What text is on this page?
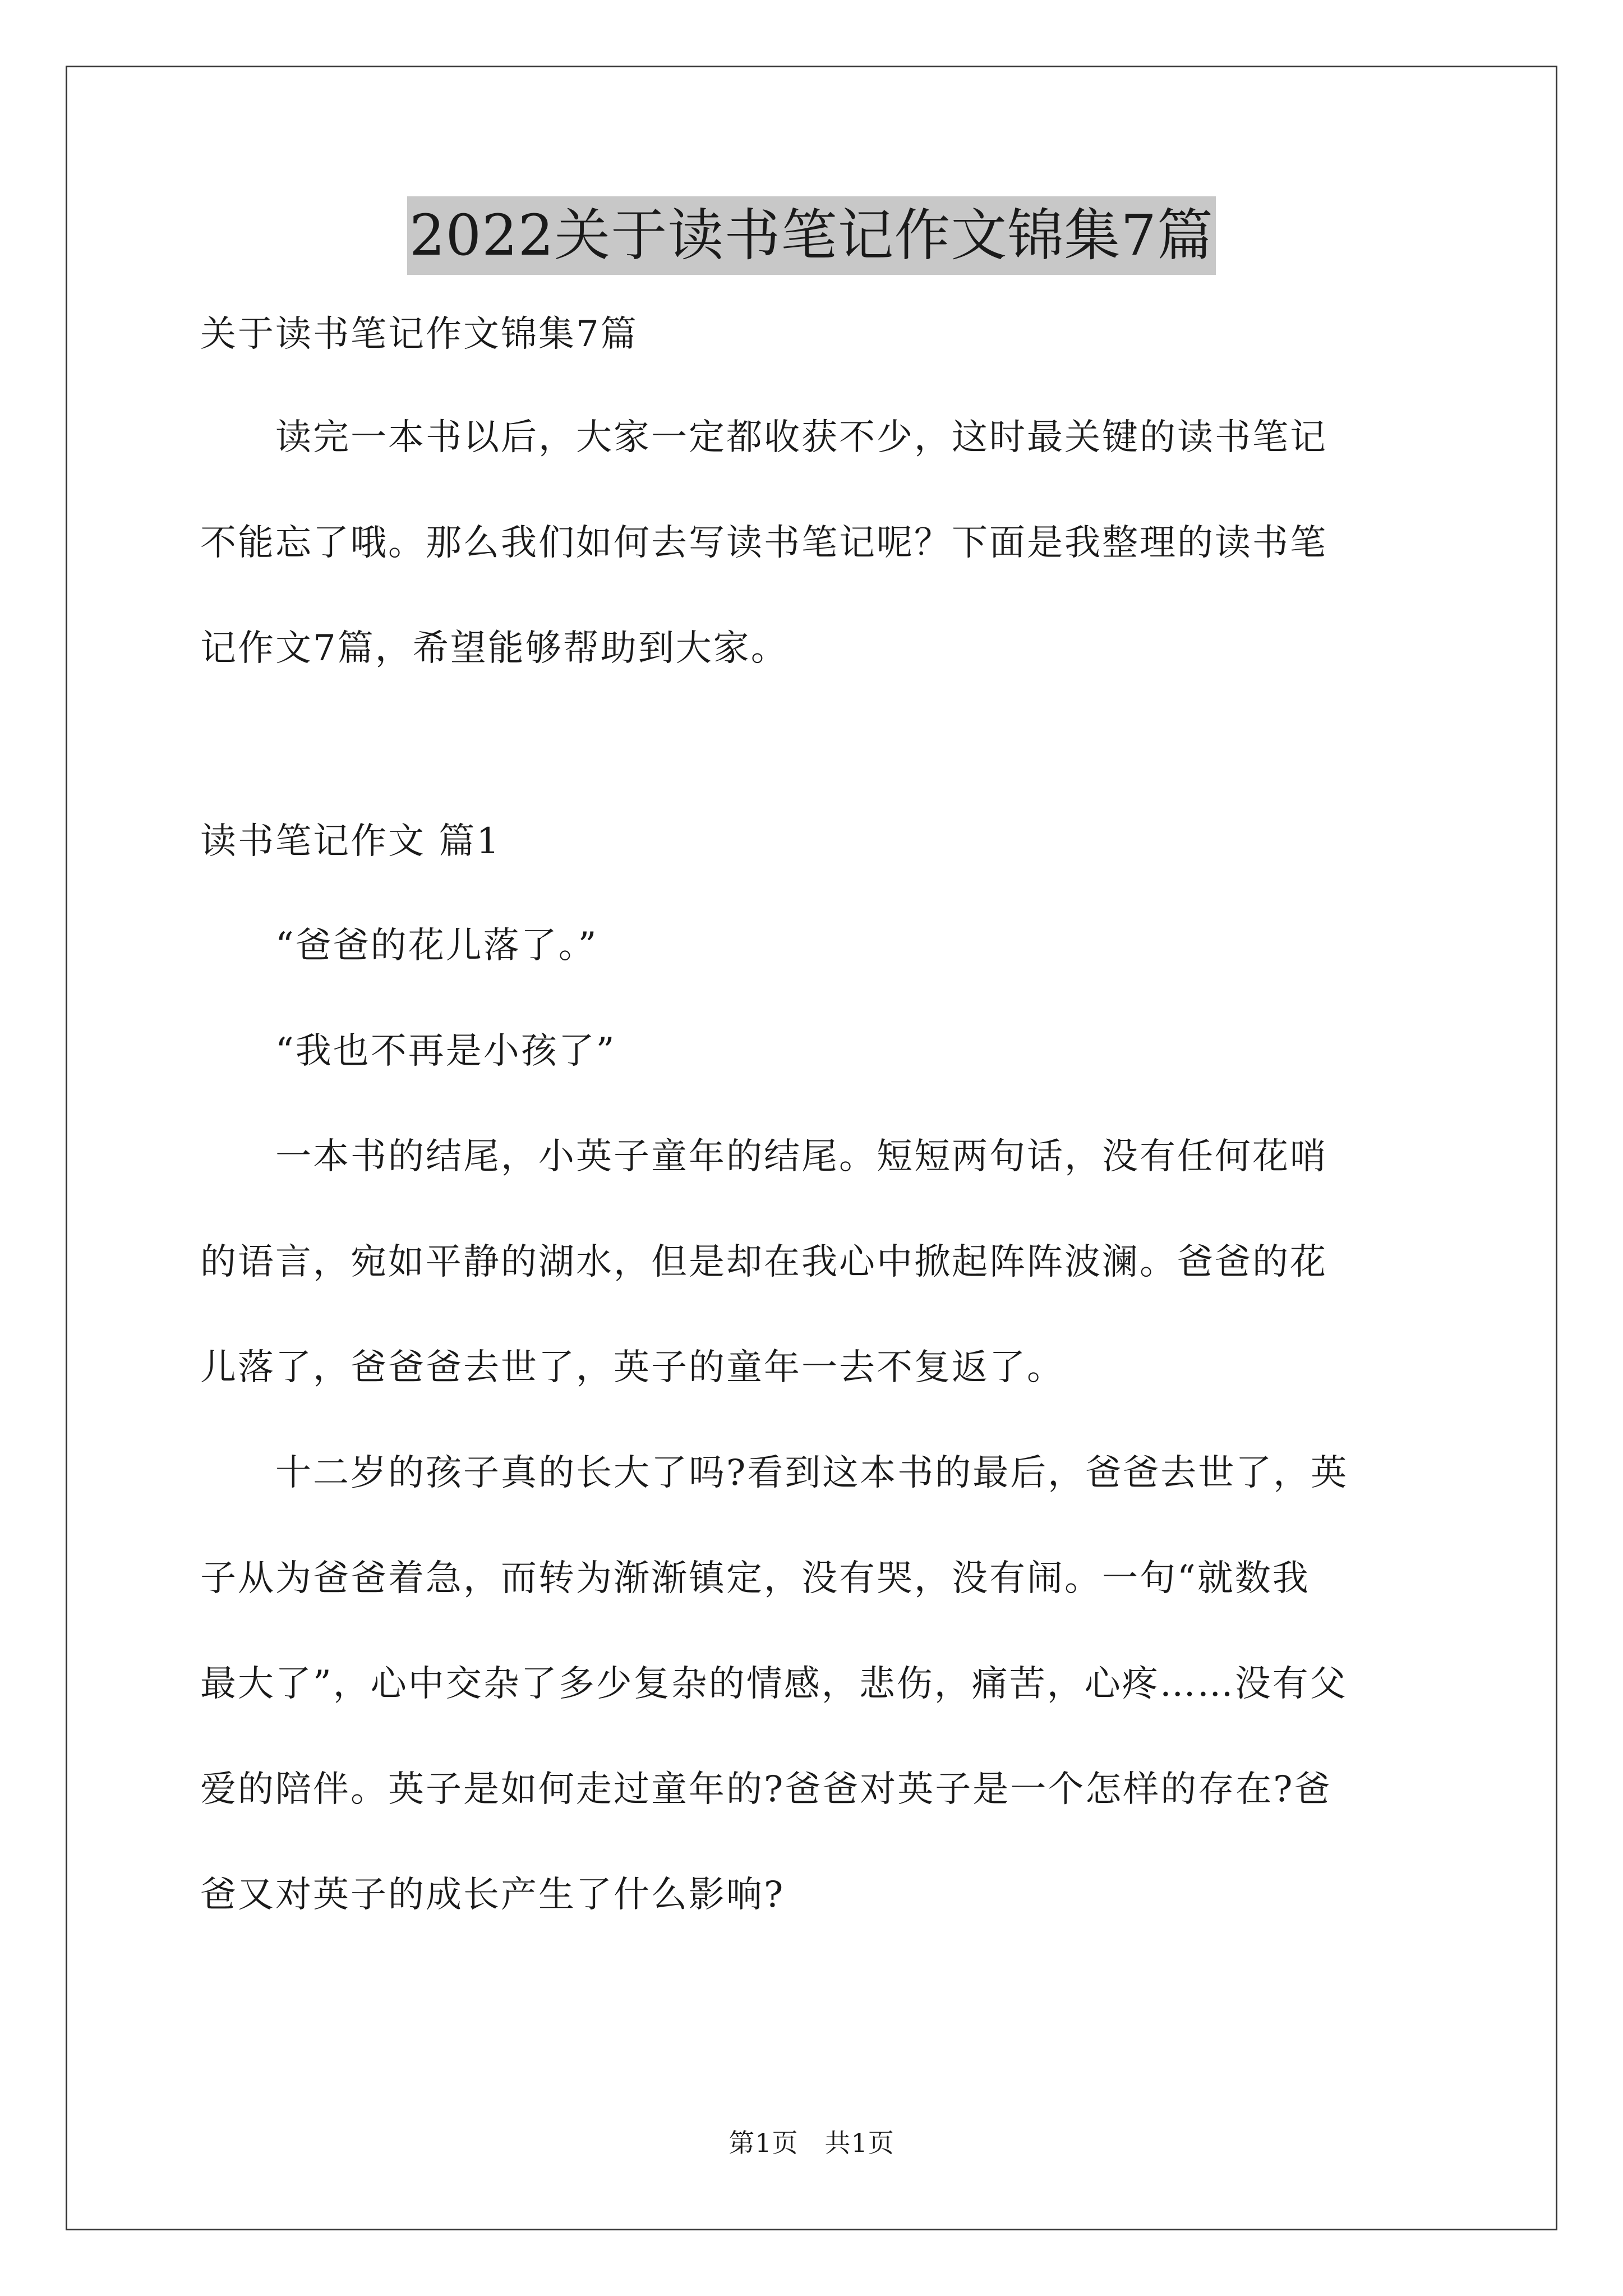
2022关于读书笔记作文锦集7篇
关于读书笔记作文锦集7篇
　　读完一本书以后，大家一定都收获不少，这时最关键的读书笔记
不能忘了哦。那么我们如何去写读书笔记呢？下面是我整理的读书笔
记作文7篇，希望能够帮助到大家。
读书笔记作文 篇1
　　“爸爸的花儿落了。”
　　“我也不再是小孩了”
　　一本书的结尾，小英子童年的结尾。短短两句话，没有任何花哨
的语言，宛如平静的湖水，但是却在我心中掀起阵阵波澜。爸爸的花
儿落了，爸爸爸去世了，英子的童年一去不复返了。
　　十二岁的孩子真的长大了吗?看到这本书的最后，爸爸去世了，英
子从为爸爸着急，而转为渐渐镇定，没有哭，没有闹。一句“就数我
最大了”，心中交杂了多少复杂的情感，悲伤，痛苦，心疼……没有父
爱的陪伴。英子是如何走过童年的?爸爸对英子是一个怎样的存在?爸
爸又对英子的成长产生了什么影响?
第1页　共1页
